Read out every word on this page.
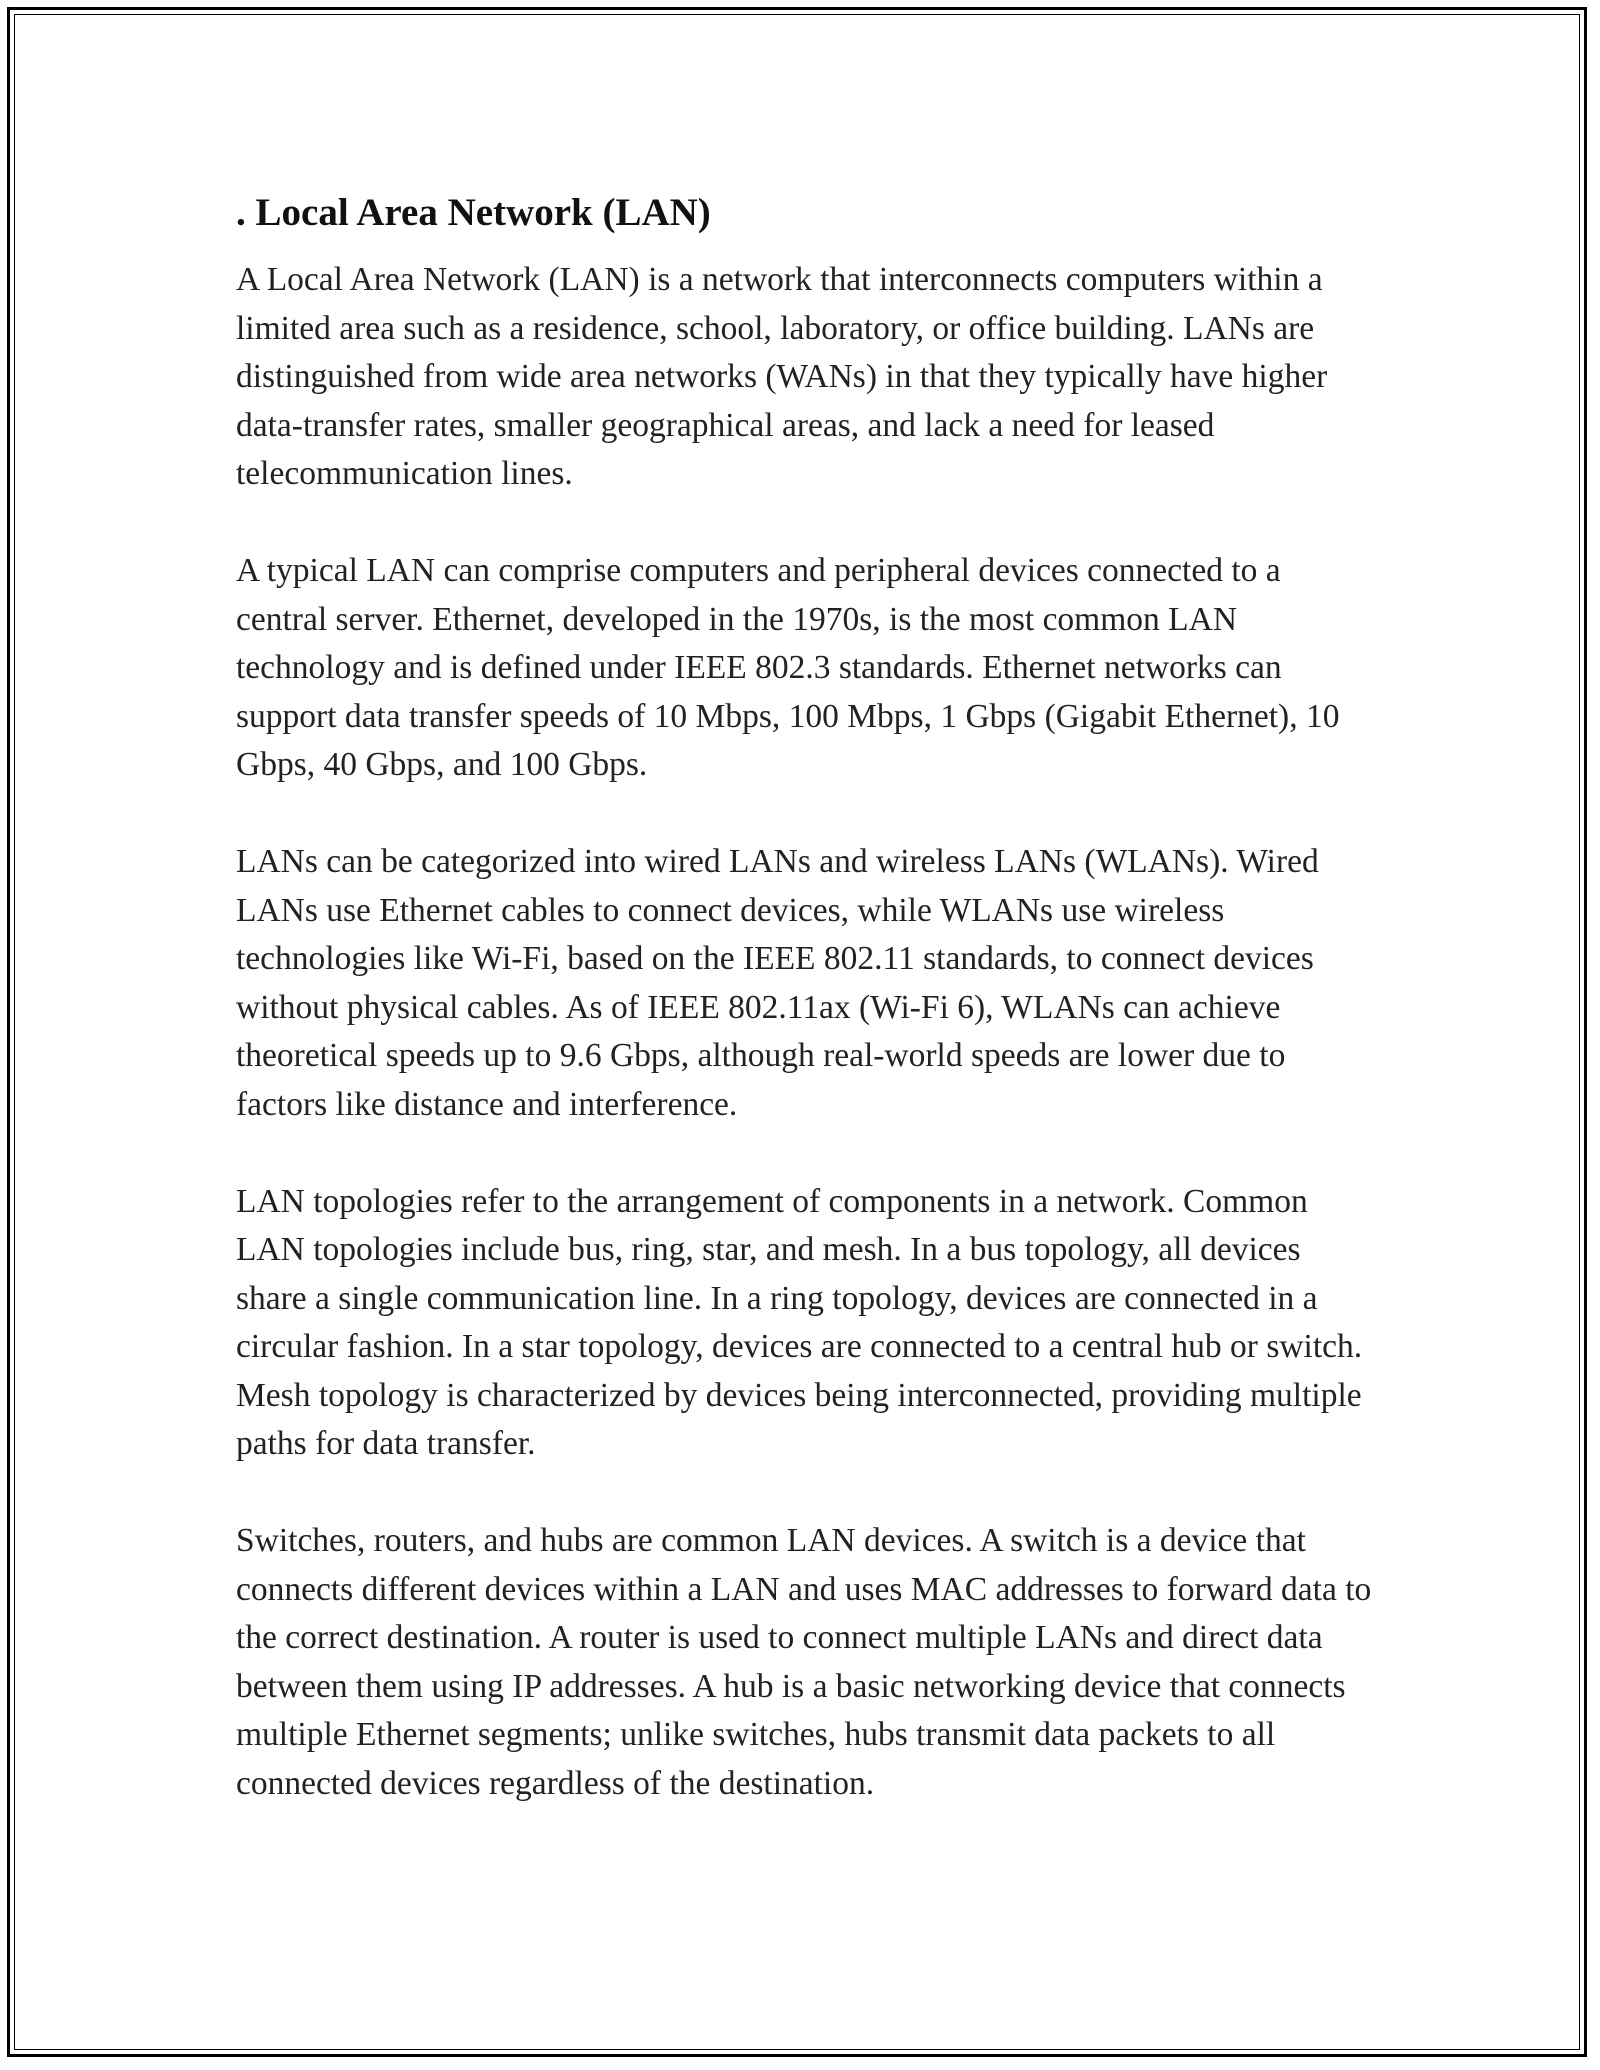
. Local Area Network (LAN)

A Local Area Network (LAN) is a network that interconnects computers within a limited area such as a residence, school, laboratory, or office building. LANs are distinguished from wide area networks (WANs) in that they typically have higher data-transfer rates, smaller geographical areas, and lack a need for leased telecommunication lines.

A typical LAN can comprise computers and peripheral devices connected to a central server. Ethernet, developed in the 1970s, is the most common LAN technology and is defined under IEEE 802.3 standards. Ethernet networks can support data transfer speeds of 10 Mbps, 100 Mbps, 1 Gbps (Gigabit Ethernet), 10 Gbps, 40 Gbps, and 100 Gbps.

LANs can be categorized into wired LANs and wireless LANs (WLANs). Wired LANs use Ethernet cables to connect devices, while WLANs use wireless technologies like Wi-Fi, based on the IEEE 802.11 standards, to connect devices without physical cables. As of IEEE 802.11ax (Wi-Fi 6), WLANs can achieve theoretical speeds up to 9.6 Gbps, although real-world speeds are lower due to factors like distance and interference.

LAN topologies refer to the arrangement of components in a network. Common LAN topologies include bus, ring, star, and mesh. In a bus topology, all devices share a single communication line. In a ring topology, devices are connected in a circular fashion. In a star topology, devices are connected to a central hub or switch. Mesh topology is characterized by devices being interconnected, providing multiple paths for data transfer.

Switches, routers, and hubs are common LAN devices. A switch is a device that connects different devices within a LAN and uses MAC addresses to forward data to the correct destination. A router is used to connect multiple LANs and direct data between them using IP addresses. A hub is a basic networking device that connects multiple Ethernet segments; unlike switches, hubs transmit data packets to all connected devices regardless of the destination.
